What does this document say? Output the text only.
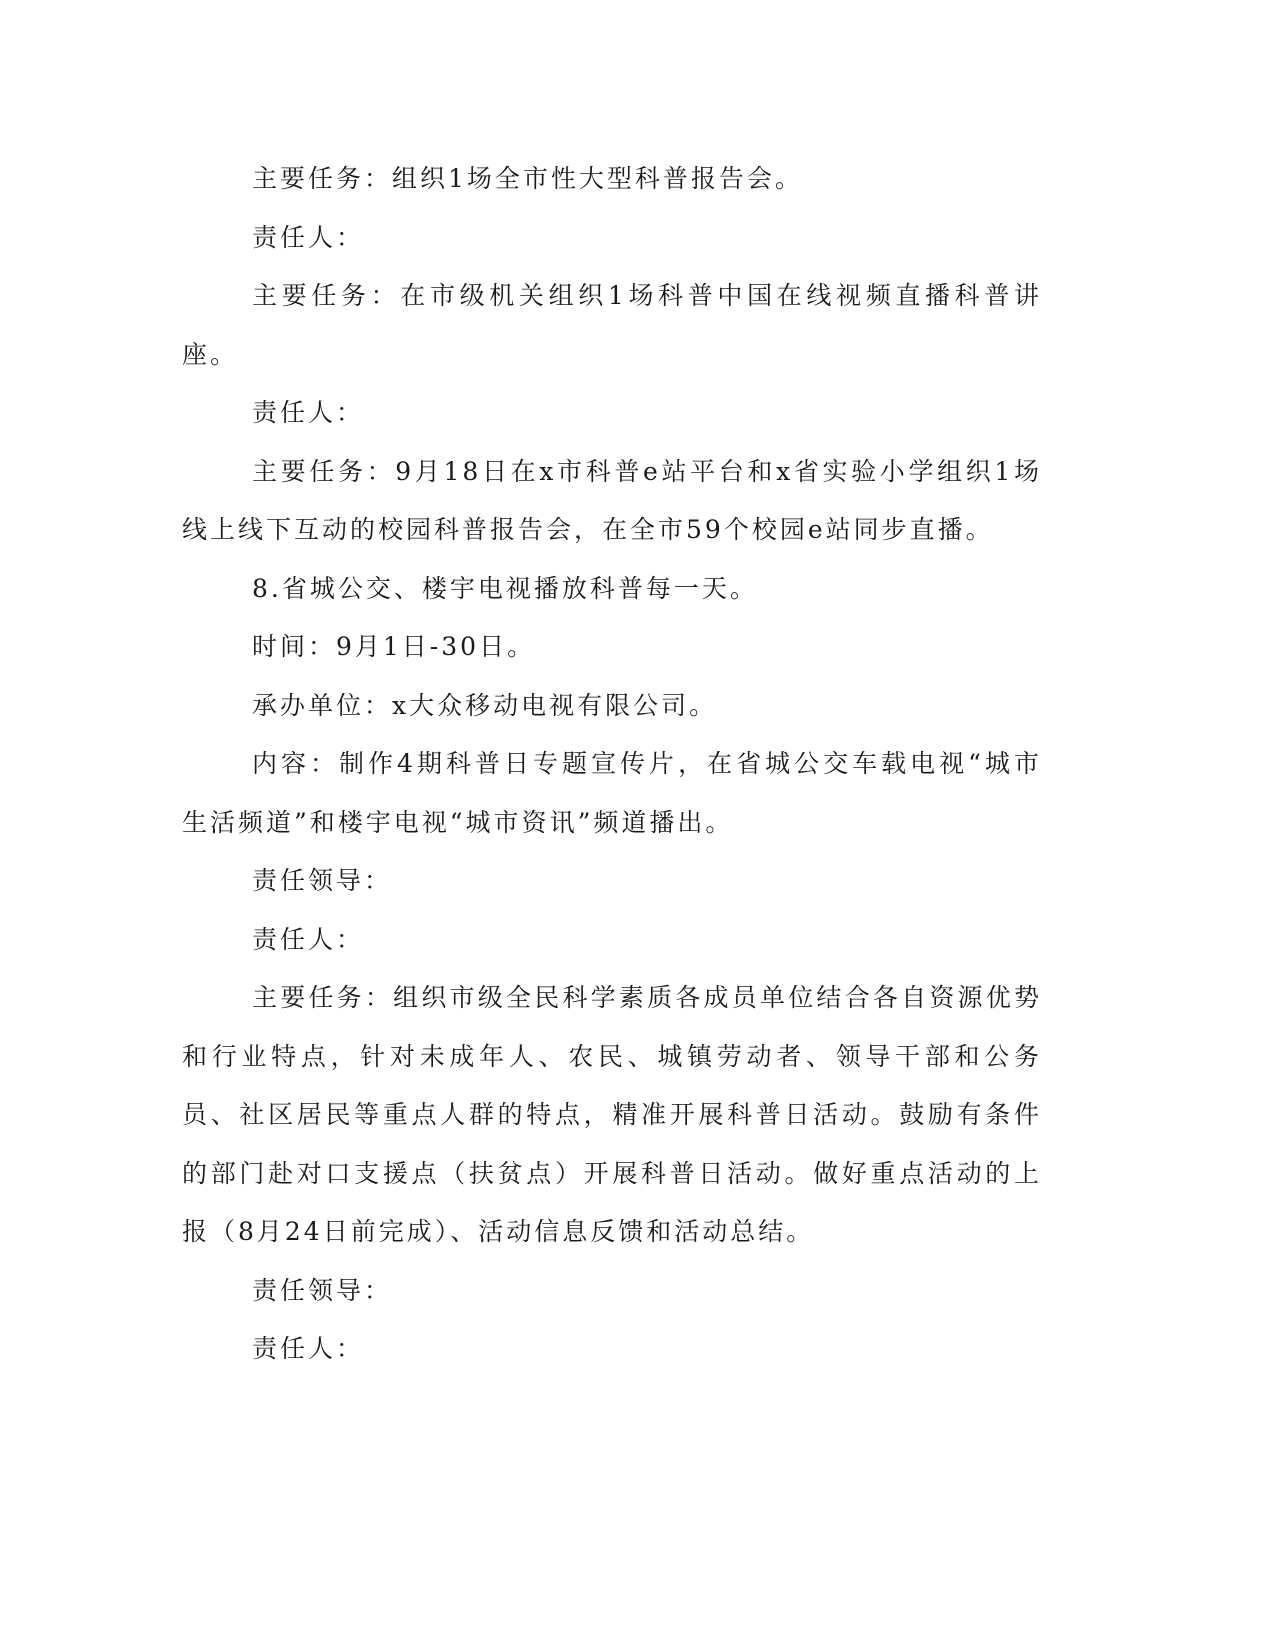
主要任务：组织1场全市性大型科普报告会。

责任人：

主要任务：在市级机关组织1场科普中国在线视频直播科普讲座。

责任人：

主要任务：9月18日在x市科普e站平台和x省实验小学组织1场线上线下互动的校园科普报告会，在全市59个校园e站同步直播。

8.省城公交、楼宇电视播放科普每一天。

时间：9月1日-30日。

承办单位：x大众移动电视有限公司。

内容：制作4期科普日专题宣传片，在省城公交车载电视“城市生活频道”和楼宇电视“城市资讯”频道播出。

责任领导：

责任人：

主要任务：组织市级全民科学素质各成员单位结合各自资源优势和行业特点，针对未成年人、农民、城镇劳动者、领导干部和公务员、社区居民等重点人群的特点，精准开展科普日活动。鼓励有条件的部门赴对口支援点（扶贫点）开展科普日活动。做好重点活动的上报（8月24日前完成）、活动信息反馈和活动总结。

责任领导：

责任人：
